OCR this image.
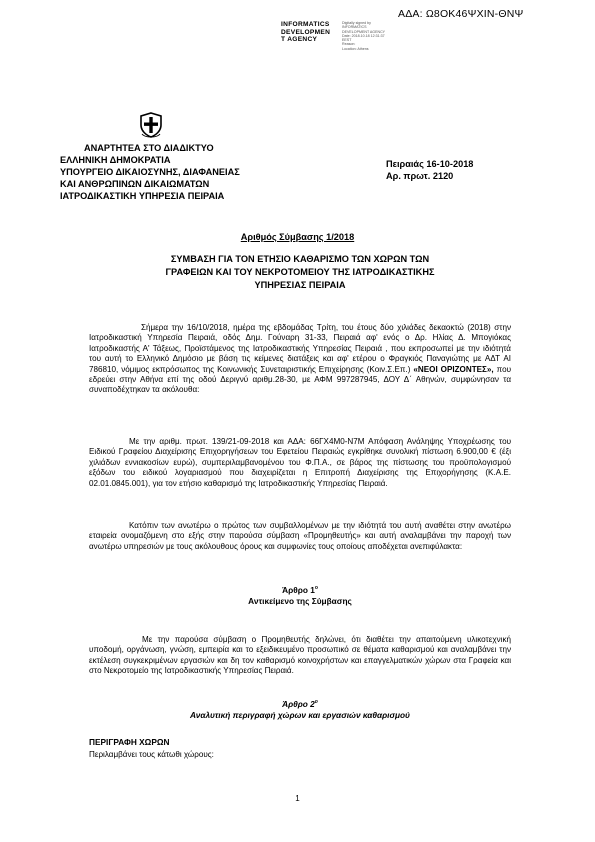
ΑΔΑ: Ω8ΟΚ46ΨΧΙΝ-ΘΝΨ
INFORMATICS
DEVELOPMEN
T AGENCY
Digitally signed by
INFORMATICS
DEVELOPMENT AGENCY
Date: 2018.10.18 12:31:37
EEST
Reason:
Location: Athens
ΑΝΑΡΤΗΤΕΑ ΣΤΟ ΔΙΑΔΙΚΤΥΟ
ΕΛΛΗΝΙΚΗ ΔΗΜΟΚΡΑΤΙΑ
ΥΠΟΥΡΓΕΙΟ ΔΙΚΑΙΟΣΥΝΗΣ, ΔΙΑΦΑΝΕΙΑΣ
ΚΑΙ ΑΝΘΡΩΠΙΝΩΝ ΔΙΚΑΙΩΜΑΤΩΝ
ΙΑΤΡΟΔΙΚΑΣΤΙΚΗ ΥΠΗΡΕΣΙΑ ΠΕΙΡΑΙΑ
Πειραιάς 16-10-2018
Αρ. πρωτ. 2120
Αριθμός Σύμβασης 1/2018
ΣΥΜΒΑΣΗ ΓΙΑ ΤΟΝ ΕΤΗΣΙΟ ΚΑΘΑΡΙΣΜΟ ΤΩΝ ΧΩΡΩΝ ΤΩΝ
ΓΡΑΦΕΙΩΝ ΚΑΙ ΤΟΥ ΝΕΚΡΟΤΟΜΕΙΟΥ ΤΗΣ ΙΑΤΡΟΔΙΚΑΣΤΙΚΗΣ
ΥΠΗΡΕΣΙΑΣ ΠΕΙΡΑΙΑ

Σήμερα την 16/10/2018, ημέρα της εβδομάδας Τρίτη, του έτους δύο χιλιάδες δεκαοκτώ (2018) στην Ιατροδικαστική Υπηρεσία Πειραιά, οδός Δημ. Γούναρη 31-33, Πειραιά αφ' ενός ο Δρ. Ηλίας Δ. Μπογιόκας Ιατροδικαστής Α' Τάξεως, Προϊστάμενος της Ιατροδικαστικής Υπηρεσίας Πειραιά , που εκπροσωπεί με την ιδιότητά του αυτή το Ελληνικό Δημόσιο με βάση τις κείμενες διατάξεις και αφ' ετέρου ο Φραγκιός Παναγιώτης με ΑΔΤ ΑΙ 786810, νόμιμος εκπρόσωπος της Κοινωνικής Συνεταιριστικής Επιχείρησης (Κοιν.Σ.Επ.) «ΝΕΟΙ ΟΡΙΖΟΝΤΕΣ», που εδρεύει στην Αθήνα επί της οδού Δεριγνύ αριθμ.28-30, με ΑΦΜ 997287945, ΔΟΥ Δ΄ Αθηνών, συμφώνησαν τα συναποδέχτηκαν τα ακόλουθα:

Με την αριθμ. πρωτ. 139/21-09-2018 και ΑΔΑ: 66ΓΧ4Μ0-Ν7Μ Απόφαση Ανάληψης Υποχρέωσης του Ειδικού Γραφείου Διαχείρισης Επιχορηγήσεων του Εφετείου Πειραιώς εγκρίθηκε συνολική πίστωση 6.900,00 € (έξι χιλιάδων εννιακοσίων ευρώ), συμπεριλαμβανομένου του Φ.Π.Α., σε βάρος της πίστωσης του προϋπολογισμού εξόδων του ειδικού λογαριασμού που διαχειρίζεται η Επιτροπή Διαχείρισης της Επιχορήγησης (Κ.Α.Ε. 02.01.0845.001), για τον ετήσιο καθαρισμό της Ιατροδικαστικής Υπηρεσίας Πειραιά.

Κατόπιν των ανωτέρω ο πρώτος των συμβαλλομένων με την ιδιότητά του αυτή αναθέτει στην ανωτέρω εταιρεία ονομαζόμενη στο εξής στην παρούσα σύμβαση «Προμηθευτής» και αυτή αναλαμβάνει την παροχή των ανωτέρω υπηρεσιών με τους ακόλουθους όρους και συμφωνίες τους οποίους αποδέχεται ανεπιφύλακτα:

Άρθρο $1^o$
Αντικείμενο της Σύμβασης

Με την παρούσα σύμβαση ο Προμηθευτής δηλώνει, ότι διαθέτει την απαιτούμενη υλικοτεχνική υποδομή, οργάνωση, γνώση, εμπειρία και το εξειδικευμένο προσωπικό σε θέματα καθαρισμού και αναλαμβάνει την εκτέλεση συγκεκριμένων εργασιών και δη τον καθαρισμό κοινοχρήστων και επαγγελματικών χώρων στα Γραφεία και στο Νεκροτομείο της Ιατροδικαστικής Υπηρεσίας Πειραιά.

Άρθρο $2^o$
Αναλυτική περιγραφή χώρων και εργασιών καθαρισμού
ΠΕΡΙΓΡΑΦΗ ΧΩΡΩΝ
Περιλαμβάνει τους κάτωθι χώρους:
1
